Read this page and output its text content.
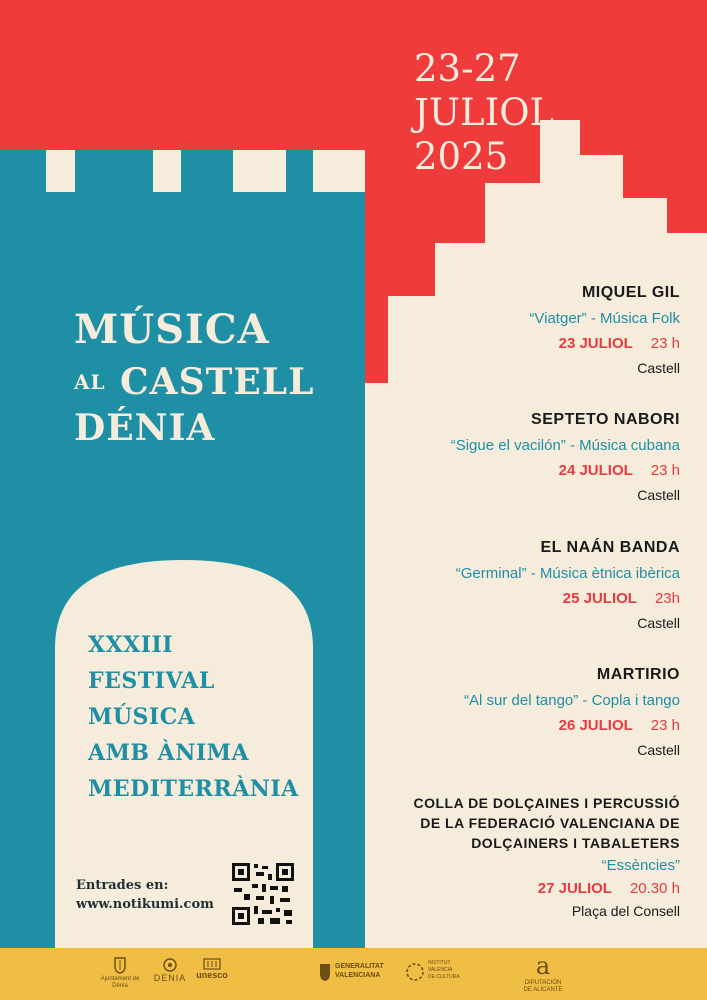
23-27
JULIOL
2025
MÚSICA
AL CASTELL
DÉNIA
XXXIII
FESTIVAL
MÚSICA
AMB ÀNIMA
MEDITERRÀNIA
Entrades en:
www.notikumi.com
MIQUEL GIL
“Viatger” - Música Folk
23 JULIOL 23 h
Castell
SEPTETO NABORI
“Sigue el vacilón” - Música cubana
24 JULIOL 23 h
Castell
EL NAÁN BANDA
“Germinal” - Música ètnica ibèrica
25 JULIOL 23h
Castell
MARTIRIO
“Al sur del tango” - Copla i tango
26 JULIOL 23 h
Castell
COLLA DE DOLÇAINES I PERCUSSIÓ
DE LA FEDERACIÓ VALENCIANA DE
DOLÇAINERS I TABALETERS
“Essències”
27 JULIOL 20.30 h
Plaça del Consell
Ajuntament de Dénia
DENIA	unesco
GENERALITAT
VALENCIANA
INSTITUT
VALENCIÀ
DE CULTURA	a
DIPUTACIÓN
DE ALICANTE
